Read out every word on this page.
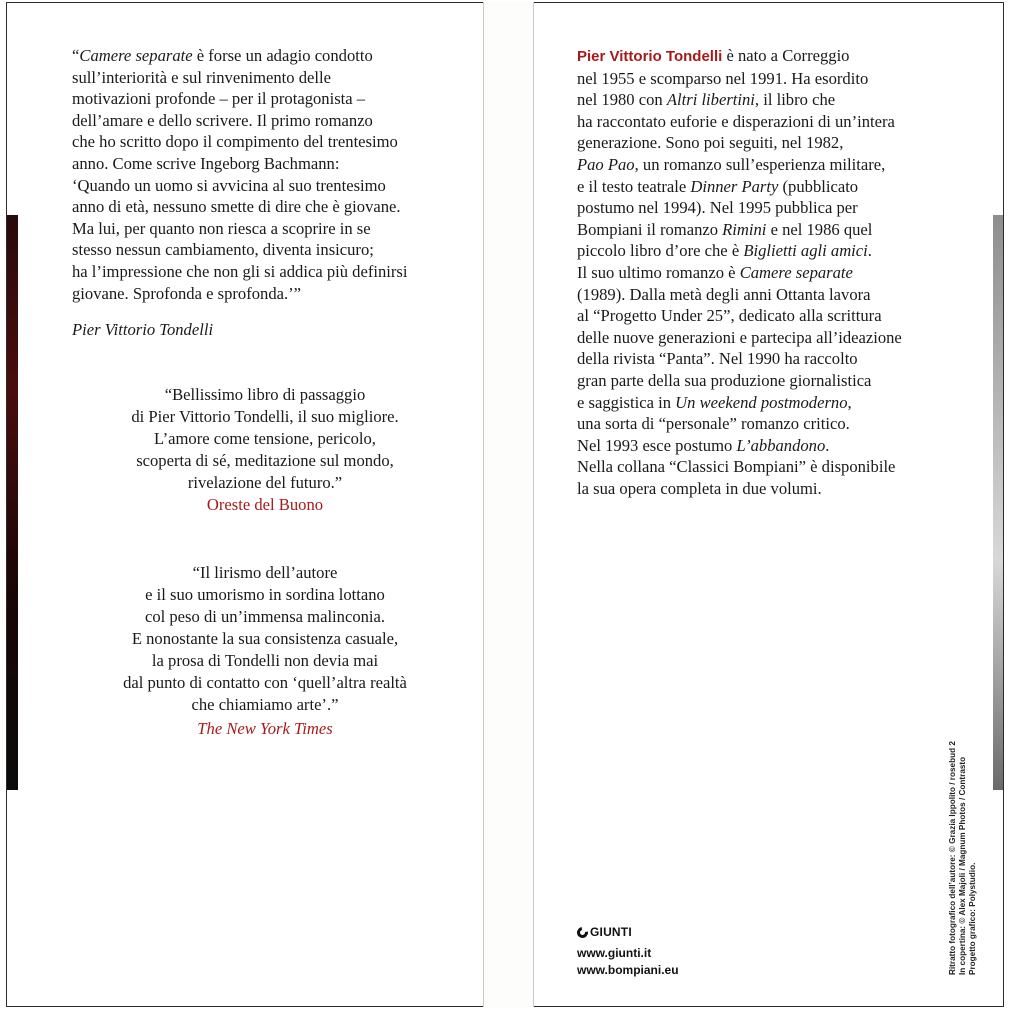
“Camere separate è forse un adagio condotto

sull’interiorità e sul rinvenimento delle

motivazioni profonde – per il protagonista –

dell’amare e dello scrivere. Il primo romanzo

che ho scritto dopo il compimento del trentesimo

anno. Come scrive Ingeborg Bachmann:

‘Quando un uomo si avvicina al suo trentesimo

anno di età, nessuno smette di dire che è giovane.

Ma lui, per quanto non riesca a scoprire in se

stesso nessun cambiamento, diventa insicuro;

ha l’impressione che non gli si addica più definirsi

giovane. Sprofonda e sprofonda.’”

Pier Vittorio Tondelli
“Bellissimo libro di passaggio
di Pier Vittorio Tondelli, il suo migliore.
L’amore come tensione, pericolo,
scoperta di sé, meditazione sul mondo,
rivelazione del futuro.”
Oreste del Buono
“Il lirismo dell’autore
e il suo umorismo in sordina lottano
col peso di un’immensa malinconia.
E nonostante la sua consistenza casuale,
la prosa di Tondelli non devia mai
dal punto di contatto con ‘quell’altra realtà
che chiamiamo arte’.”
The New York Times

Pier Vittorio Tondelli è nato a Correggio

nel 1955 e scomparso nel 1991. Ha esordito

nel 1980 con Altri libertini, il libro che

ha raccontato euforie e disperazioni di un’intera

generazione. Sono poi seguiti, nel 1982,

Pao Pao, un romanzo sull’esperienza militare,

e il testo teatrale Dinner Party (pubblicato

postumo nel 1994). Nel 1995 pubblica per

Bompiani il romanzo Rimini e nel 1986 quel

piccolo libro d’ore che è Biglietti agli amici.

Il suo ultimo romanzo è Camere separate

(1989). Dalla metà degli anni Ottanta lavora

al “Progetto Under 25”, dedicato alla scrittura

delle nuove generazioni e partecipa all’ideazione

della rivista “Panta”. Nel 1990 ha raccolto

gran parte della sua produzione giornalistica

e saggistica in Un weekend postmoderno,

una sorta di “personale” romanzo critico.

Nel 1993 esce postumo L’abbandono.

Nella collana “Classici Bompiani” è disponibile

la sua opera completa in due volumi.

GIUNTI
www.giunti.it
www.bompiani.eu	Ritratto fotografico dell’autore: © Grazia Ippolito / rosebud 2 In copertina: © Alex Majoli / Magnum Photos / Contrasto Progetto grafico: Polystudio.
